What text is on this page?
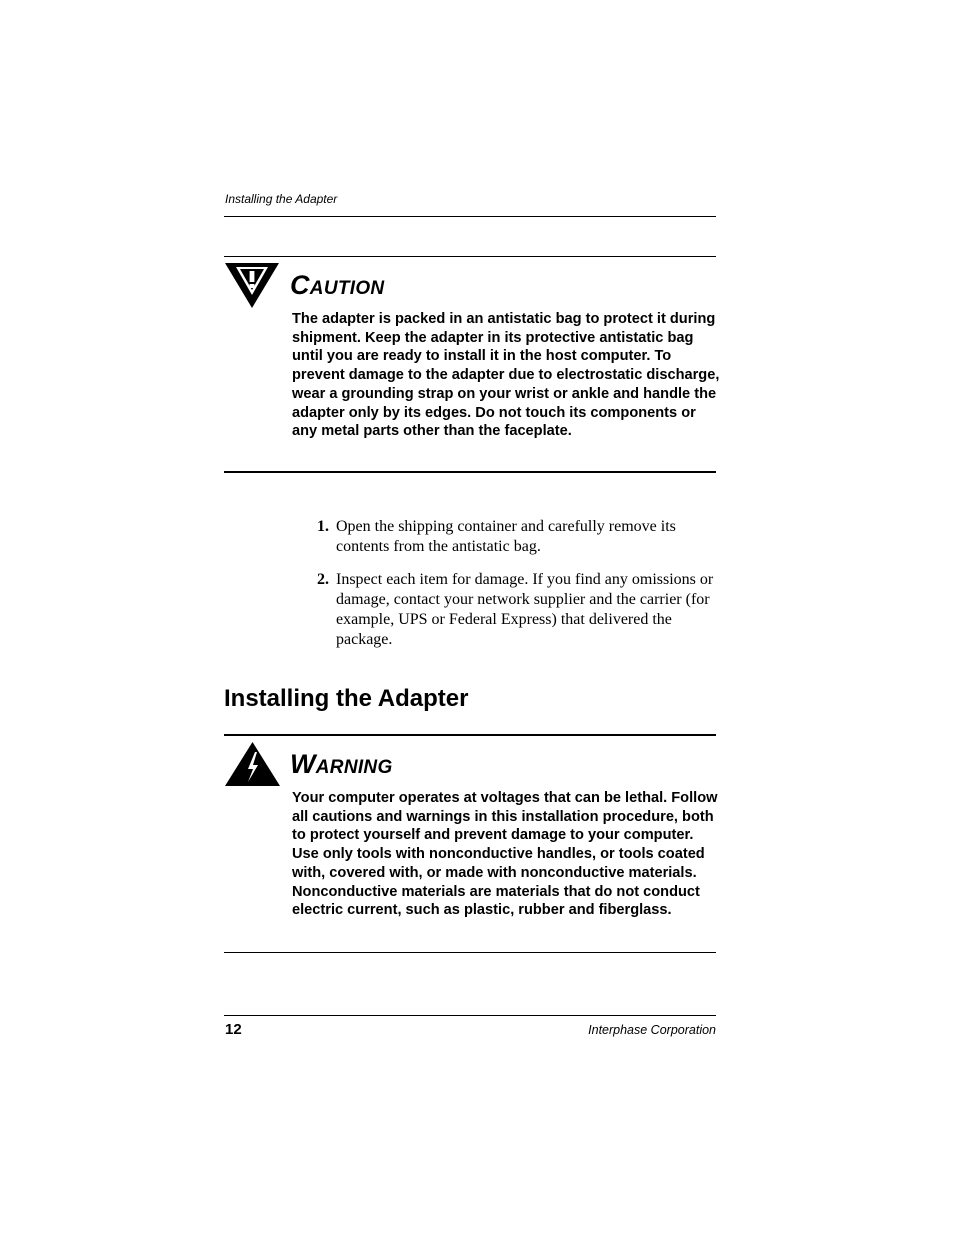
Installing the Adapter
Caution
The adapter is packed in an antistatic bag to protect it during shipment. Keep the adapter in its protective antistatic bag until you are ready to install it in the host computer. To prevent damage to the adapter due to electrostatic discharge, wear a grounding strap on your wrist or ankle and handle the adapter only by its edges. Do not touch its components or any metal parts other than the faceplate.
1. Open the shipping container and carefully remove its contents from the antistatic bag.
2. Inspect each item for damage. If you find any omissions or damage, contact your network supplier and the carrier (for example, UPS or Federal Express) that delivered the package.
Installing the Adapter
Warning
Your computer operates at voltages that can be lethal. Follow all cautions and warnings in this installation procedure, both to protect yourself and prevent damage to your computer. Use only tools with nonconductive handles, or tools coated with, covered with, or made with nonconductive materials. Nonconductive materials are materials that do not conduct electric current, such as plastic, rubber and fiberglass.
12	Interphase Corporation
